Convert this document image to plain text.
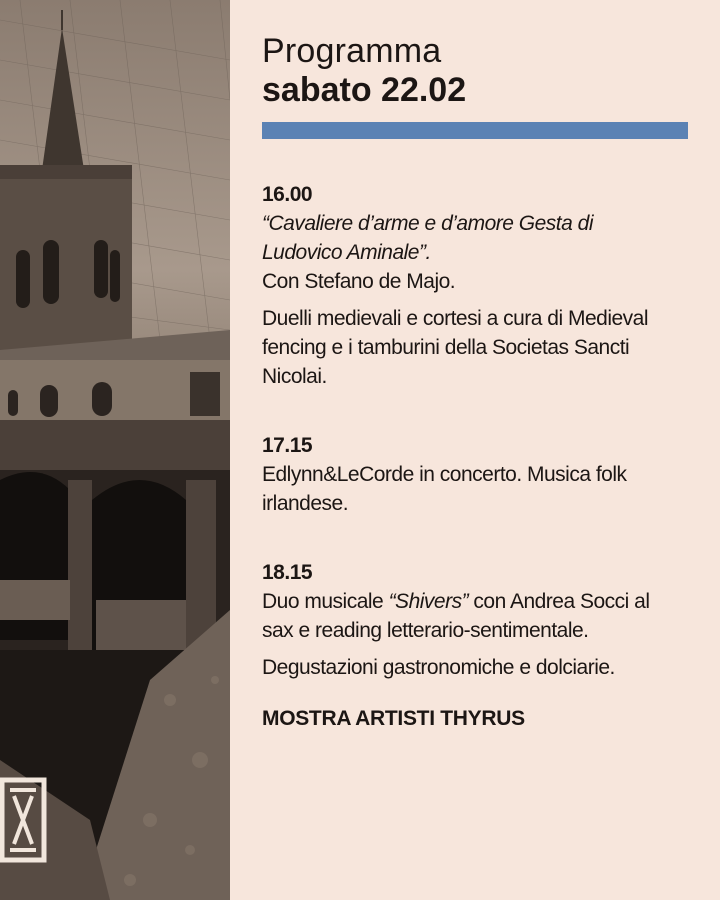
Programma
sabato 22.02
16.00
“Cavaliere d’arme e d’amore Gesta di
Ludovico Aminale”.
Con Stefano de Majo.
Duelli medievali e cortesi a cura di Medieval
fencing e i tamburini della Societas Sancti
Nicolai.
17.15
Edlynn&LeCorde in concerto. Musica folk
irlandese.
18.15
Duo musicale “Shivers” con Andrea Socci al
sax e reading letterario-sentimentale.
Degustazioni gastronomiche e dolciarie.
MOSTRA ARTISTI THYRUS
